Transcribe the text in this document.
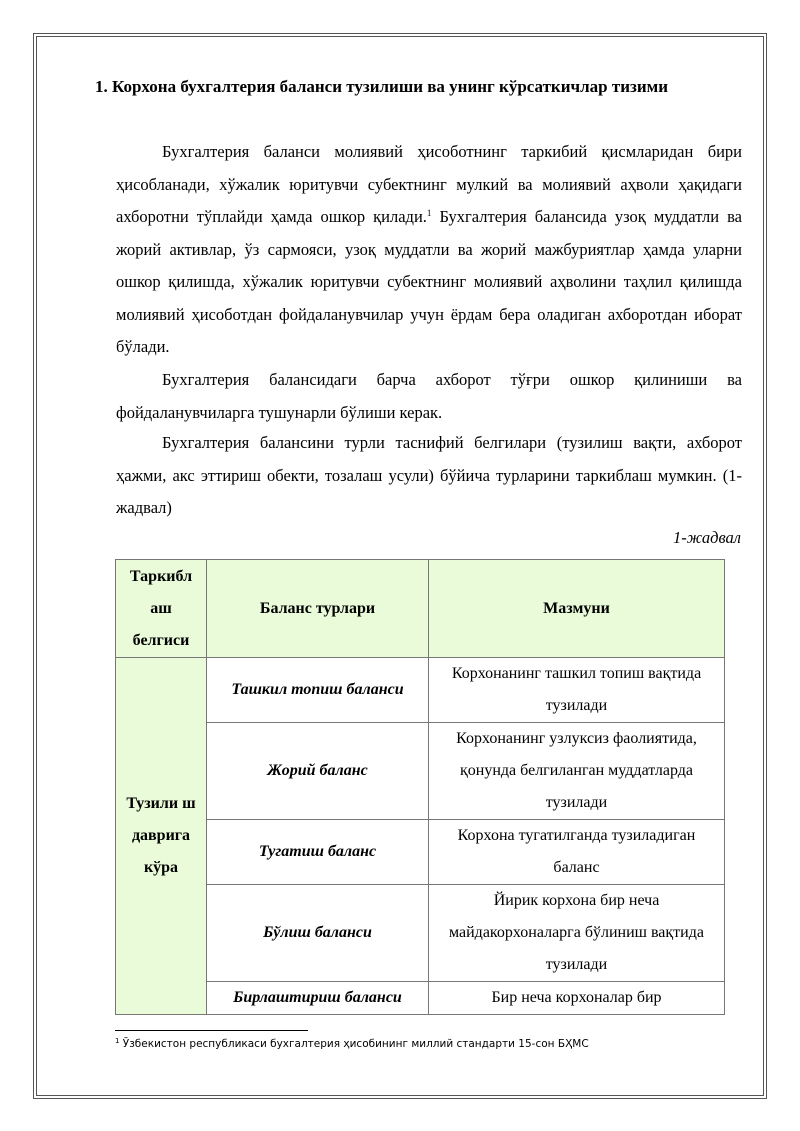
1. Корхона бухгалтерия баланси тузилиши ва унинг кўрсаткичлар тизими
Бухгалтерия баланси молиявий ҳисоботнинг таркибий қисмларидан бири ҳисобланади, хўжалик юритувчи субектнинг мулкий ва молиявий аҳволи ҳақидаги ахборотни тўплайди ҳамда ошкор қилади.$^1$ Бухгалтерия балансида узоқ муддатли ва жорий активлар, ўз сармояси, узоқ муддатли ва жорий мажбуриятлар ҳамда уларни ошкор қилишда, хўжалик юритувчи субектнинг молиявий аҳволини таҳлил қилишда молиявий ҳисоботдан фойдаланувчилар учун ёрдам бера оладиган ахборотдан иборат бўлади.
Бухгалтерия балансидаги барча ахборот тўғри ошкор қилиниши ва фойдаланувчиларга тушунарли бўлиши керак.
Бухгалтерия балансини турли таснифий белгилари (тузилиш вақти, ахборот ҳажми, акс эттириш обекти, тозалаш усули) бўйича турларини таркиблаш мумкин. (1-жадвал)
1-жадвал
Таркибл аш белгиси	Баланс турлари	Мазмуни
Тузили ш даврига кўра	Ташкил топиш баланси	Корхонанинг ташкил топиш вақтида тузилади
	Жорий баланс	Корхонанинг узлуксиз фаолиятида, қонунда белгиланган муддатларда тузилади
	Тугатиш баланс	Корхона тугатилганда тузиладиган баланс
	Бўлиш баланси	Йирик корхона бир неча майдакорхоналарга бўлиниш вақтида тузилади
	Бирлаштириш баланси	Бир неча корхоналар бир
$^1$ Ўзбекистон республикаси бухгалтерия ҳисобининг миллий стандарти 15-сон БҲМС
